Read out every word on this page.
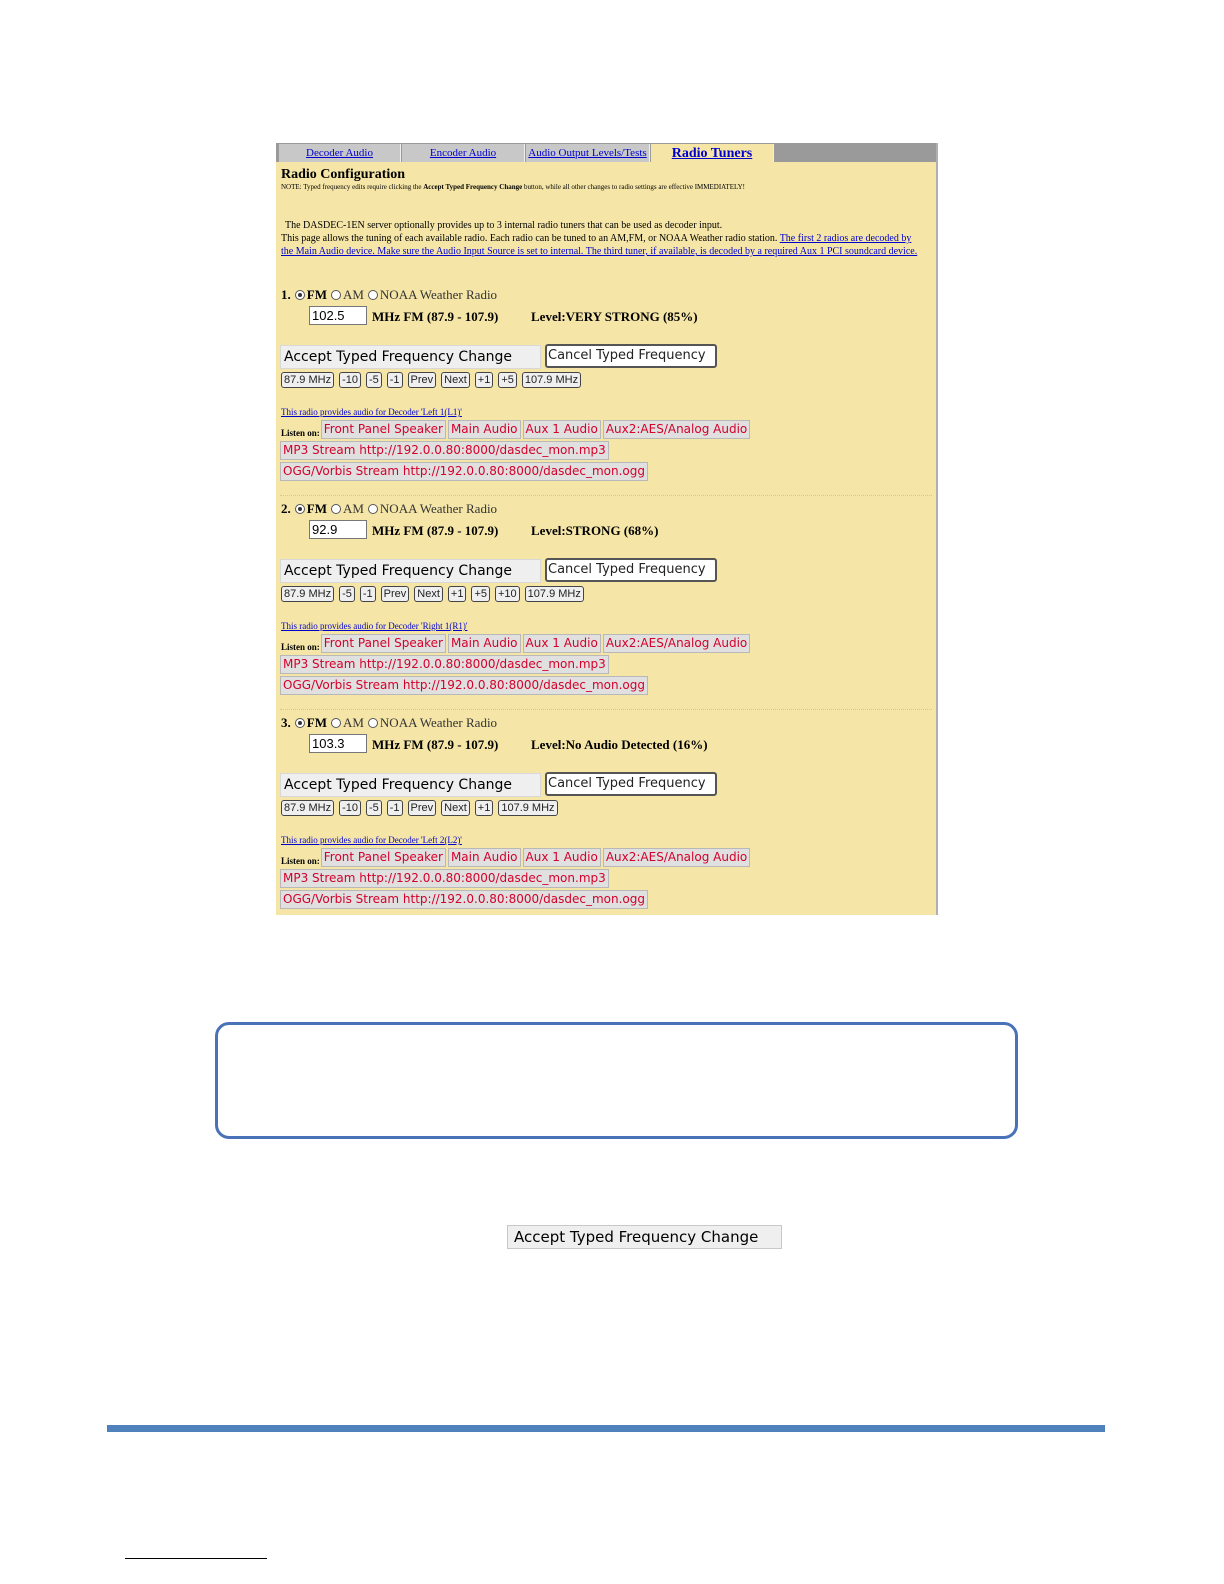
Decoder Audio	Encoder Audio	Audio Output Levels/Tests	Radio Tuners
Radio Configuration
NOTE: Typed frequency edits require clicking the Accept Typed Frequency Change button, while all other changes to radio settings are effective IMMEDIATELY!
The DASDEC-1EN server optionally provides up to 3 internal radio tuners that can be used as decoder input.
This page allows the tuning of each available radio. Each radio can be tuned to an AM,FM, or NOAA Weather radio station. The first 2 radios are decoded by the Main Audio device. Make sure the Audio Input Source is set to internal. The third tuner, if available, is decoded by a required Aux 1 PCI soundcard device.
1. FM AM NOAA Weather Radio
102.5	MHz FM (87.9 - 107.9)	Level:VERY STRONG (85%)
Accept Typed Frequency Change	Cancel Typed Frequency
87.9 MHz -10 -5 -1 Prev Next +1 +5 107.9 MHz
This radio provides audio for Decoder 'Left 1(L1)'
Listen on: Front Panel Speaker Main Audio Aux 1 Audio Aux2:AES/Analog Audio
MP3 Stream http://192.0.0.80:8000/dasdec_mon.mp3
OGG/Vorbis Stream http://192.0.0.80:8000/dasdec_mon.ogg
2. FM AM NOAA Weather Radio
92.9	MHz FM (87.9 - 107.9)	Level:STRONG (68%)
Accept Typed Frequency Change	Cancel Typed Frequency
87.9 MHz -5 -1 Prev Next +1 +5 +10 107.9 MHz
This radio provides audio for Decoder 'Right 1(R1)'
Listen on: Front Panel Speaker Main Audio Aux 1 Audio Aux2:AES/Analog Audio
MP3 Stream http://192.0.0.80:8000/dasdec_mon.mp3
OGG/Vorbis Stream http://192.0.0.80:8000/dasdec_mon.ogg
3. FM AM NOAA Weather Radio
103.3	MHz FM (87.9 - 107.9)	Level:No Audio Detected (16%)
Accept Typed Frequency Change	Cancel Typed Frequency
87.9 MHz -10 -5 -1 Prev Next +1 107.9 MHz
This radio provides audio for Decoder 'Left 2(L2)'
Listen on: Front Panel Speaker Main Audio Aux 1 Audio Aux2:AES/Analog Audio
MP3 Stream http://192.0.0.80:8000/dasdec_mon.mp3
OGG/Vorbis Stream http://192.0.0.80:8000/dasdec_mon.ogg
Accept Typed Frequency Change
